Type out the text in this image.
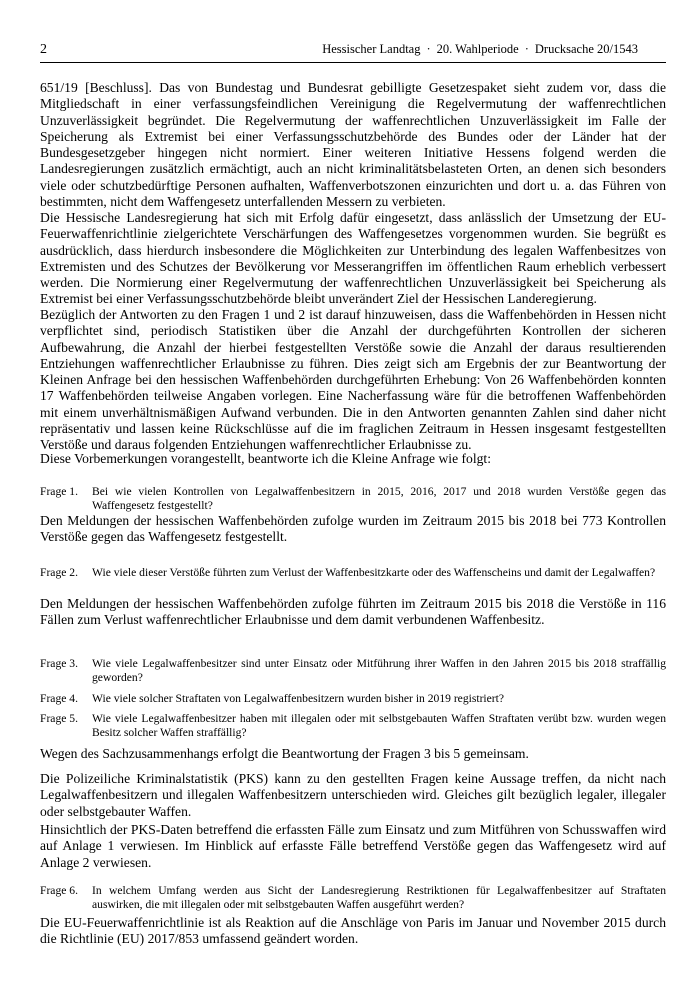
2	Hessischer Landtag · 20. Wahlperiode · Drucksache 20/1543

651/19 [Beschluss]. Das von Bundestag und Bundesrat gebilligte Gesetzespaket sieht zudem vor, dass die Mitgliedschaft in einer verfassungsfeindlichen Vereinigung die Regelvermutung der waffenrechtlichen Unzuverlässigkeit begründet. Die Regelvermutung der waffenrechtlichen Unzuverlässigkeit im Falle der Speicherung als Extremist bei einer Verfassungsschutzbehörde des Bundes oder der Länder hat der Bundesgesetzgeber hingegen nicht normiert. Einer weiteren Initiative Hessens folgend werden die Landesregierungen zusätzlich ermächtigt, auch an nicht kriminalitätsbelasteten Orten, an denen sich besonders viele oder schutzbedürftige Personen aufhalten, Waffenverbotszonen einzurichten und dort u. a. das Führen von bestimmten, nicht dem Waffengesetz unterfallenden Messern zu verbieten.

Die Hessische Landesregierung hat sich mit Erfolg dafür eingesetzt, dass anlässlich der Umsetzung der EU-Feuerwaffenrichtlinie zielgerichtete Verschärfungen des Waffengesetzes vorgenommen wurden. Sie begrüßt es ausdrücklich, dass hierdurch insbesondere die Möglichkeiten zur Unterbindung des legalen Waffenbesitzes von Extremisten und des Schutzes der Bevölkerung vor Messerangriffen im öffentlichen Raum erheblich verbessert werden. Die Normierung einer Regelvermutung der waffenrechtlichen Unzuverlässigkeit bei Speicherung als Extremist bei einer Verfassungsschutzbehörde bleibt unverändert Ziel der Hessischen Landeregierung.

Bezüglich der Antworten zu den Fragen 1 und 2 ist darauf hinzuweisen, dass die Waffenbehörden in Hessen nicht verpflichtet sind, periodisch Statistiken über die Anzahl der durchgeführten Kontrollen der sicheren Aufbewahrung, die Anzahl der hierbei festgestellten Verstöße sowie die Anzahl der daraus resultierenden Entziehungen waffenrechtlicher Erlaubnisse zu führen. Dies zeigt sich am Ergebnis der zur Beantwortung der Kleinen Anfrage bei den hessischen Waffenbehörden durchgeführten Erhebung: Von 26 Waffenbehörden konnten 17 Waffenbehörden teilweise Angaben vorlegen. Eine Nacherfassung wäre für die betroffenen Waffenbehörden mit einem unverhältnismäßigen Aufwand verbunden. Die in den Antworten genannten Zahlen sind daher nicht repräsentativ und lassen keine Rückschlüsse auf die im fraglichen Zeitraum in Hessen insgesamt festgestellten Verstöße und daraus folgenden Entziehungen waffenrechtlicher Erlaubnisse zu.

Diese Vorbemerkungen vorangestellt, beantworte ich die Kleine Anfrage wie folgt:

Frage 1.	Bei wie vielen Kontrollen von Legalwaffenbesitzern in 2015, 2016, 2017 und 2018 wurden Verstöße gegen das Waffengesetz festgestellt?

Den Meldungen der hessischen Waffenbehörden zufolge wurden im Zeitraum 2015 bis 2018 bei 773 Kontrollen Verstöße gegen das Waffengesetz festgestellt.

Frage 2.	Wie viele dieser Verstöße führten zum Verlust der Waffenbesitzkarte oder des Waffenscheins und damit der Legalwaffen?

Den Meldungen der hessischen Waffenbehörden zufolge führten im Zeitraum 2015 bis 2018 die Verstöße in 116 Fällen zum Verlust waffenrechtlicher Erlaubnisse und dem damit verbundenen Waffenbesitz.

Frage 3.	Wie viele Legalwaffenbesitzer sind unter Einsatz oder Mitführung ihrer Waffen in den Jahren 2015 bis 2018 straffällig geworden?
Frage 4.	Wie viele solcher Straftaten von Legalwaffenbesitzern wurden bisher in 2019 registriert?
Frage 5.	Wie viele Legalwaffenbesitzer haben mit illegalen oder mit selbstgebauten Waffen Straftaten verübt bzw. wurden wegen Besitz solcher Waffen straffällig?

Wegen des Sachzusammenhangs erfolgt die Beantwortung der Fragen 3 bis 5 gemeinsam.

Die Polizeiliche Kriminalstatistik (PKS) kann zu den gestellten Fragen keine Aussage treffen, da nicht nach Legalwaffenbesitzern und illegalen Waffenbesitzern unterschieden wird. Gleiches gilt bezüglich legaler, illegaler oder selbstgebauter Waffen.

Hinsichtlich der PKS-Daten betreffend die erfassten Fälle zum Einsatz und zum Mitführen von Schusswaffen wird auf Anlage 1 verwiesen. Im Hinblick auf erfasste Fälle betreffend Verstöße gegen das Waffengesetz wird auf Anlage 2 verwiesen.

Frage 6.	In welchem Umfang werden aus Sicht der Landesregierung Restriktionen für Legalwaffenbesitzer auf Straftaten auswirken, die mit illegalen oder mit selbstgebauten Waffen ausgeführt werden?

Die EU-Feuerwaffenrichtlinie ist als Reaktion auf die Anschläge von Paris im Januar und November 2015 durch die Richtlinie (EU) 2017/853 umfassend geändert worden.
